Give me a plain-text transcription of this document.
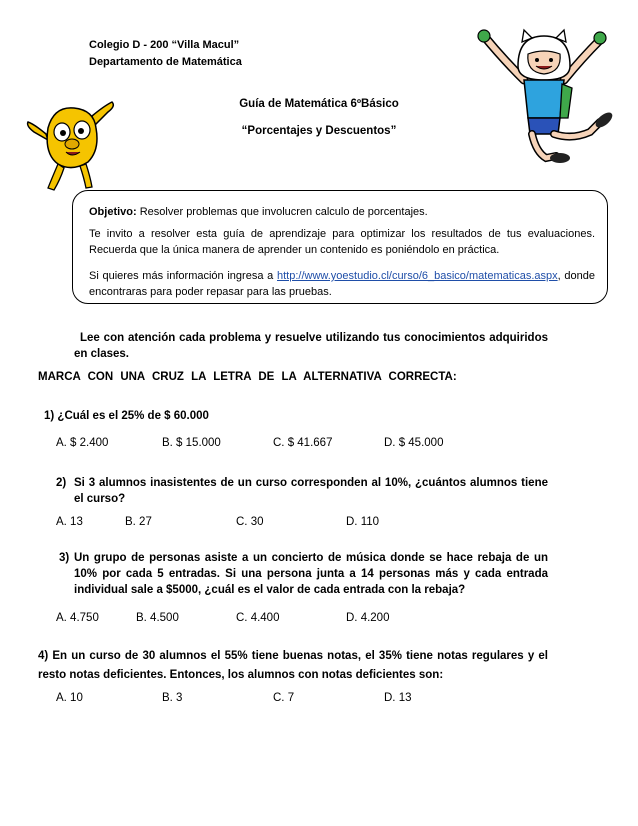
Colegio D - 200 “Villa Macul”
Departamento de Matemática
Guía de Matemática 6ºBásico
“Porcentajes y Descuentos”
Objetivo: Resolver problemas que involucren calculo de porcentajes.
Te invito a resolver esta guía de aprendizaje para optimizar los resultados de tus evaluaciones. Recuerda que la única manera de aprender un contenido es poniéndolo en práctica.
Si quieres más información ingresa a http://www.yoestudio.cl/curso/6_basico/matematicas.aspx, donde encontraras para poder repasar para las pruebas.
Lee con atención cada problema y resuelve utilizando tus conocimientos adquiridos en clases.
MARCA CON UNA CRUZ LA LETRA DE LA ALTERNATIVA CORRECTA:
1) ¿Cuál es el 25% de $ 60.000
A. $ 2.400	B. $ 15.000	C. $ 41.667	D. $ 45.000
2) Si 3 alumnos inasistentes de un curso corresponden al 10%, ¿cuántos alumnos tiene el curso?
A. 13	B. 27	C. 30	D. 110
3) Un grupo de personas asiste a un concierto de música donde se hace rebaja de un 10% por cada 5 entradas. Si una persona junta a 14 personas más y cada entrada individual sale a $5000, ¿cuál es el valor de cada entrada con la rebaja?
A. 4.750	B. 4.500	C. 4.400	D. 4.200
4) En un curso de 30 alumnos el 55% tiene buenas notas, el 35% tiene notas regulares y el resto notas deficientes. Entonces, los alumnos con notas deficientes son:
A. 10	B. 3	C. 7	D. 13
